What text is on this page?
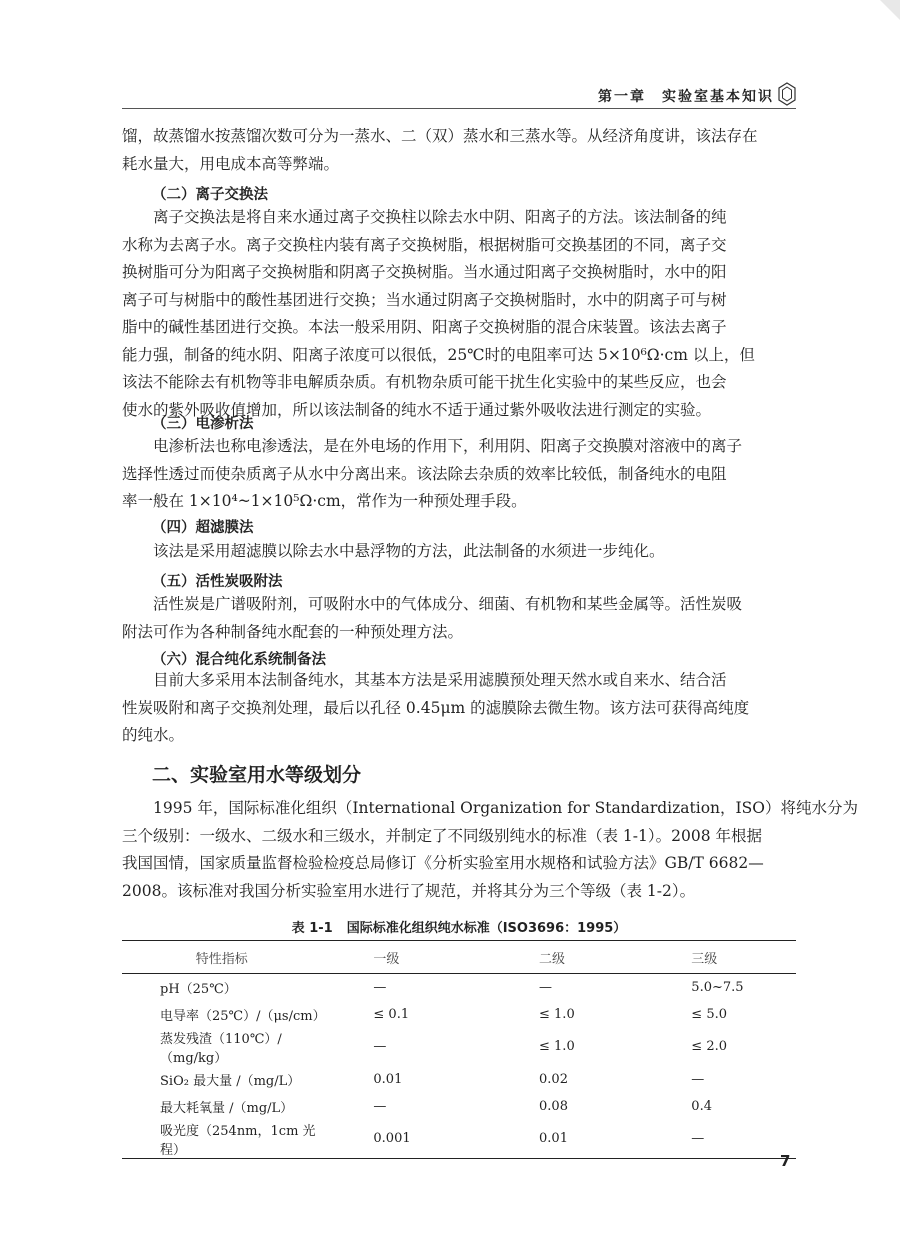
第一章　实验室基本知识
馏，故蒸馏水按蒸馏次数可分为一蒸水、二（双）蒸水和三蒸水等。从经济角度讲，该法存在
耗水量大，用电成本高等弊端。
（二）离子交换法
离子交换法是将自来水通过离子交换柱以除去水中阴、阳离子的方法。该法制备的纯
水称为去离子水。离子交换柱内装有离子交换树脂，根据树脂可交换基团的不同，离子交
换树脂可分为阳离子交换树脂和阴离子交换树脂。当水通过阳离子交换树脂时，水中的阳
离子可与树脂中的酸性基团进行交换；当水通过阴离子交换树脂时，水中的阴离子可与树
脂中的碱性基团进行交换。本法一般采用阴、阳离子交换树脂的混合床装置。该法去离子
能力强，制备的纯水阴、阳离子浓度可以很低，25℃时的电阻率可达 5×10⁶Ω·cm 以上，但
该法不能除去有机物等非电解质杂质。有机物杂质可能干扰生化实验中的某些反应，也会
使水的紫外吸收值增加，所以该法制备的纯水不适于通过紫外吸收法进行测定的实验。
（三）电渗析法
电渗析法也称电渗透法，是在外电场的作用下，利用阴、阳离子交换膜对溶液中的离子
选择性透过而使杂质离子从水中分离出来。该法除去杂质的效率比较低，制备纯水的电阻
率一般在 1×10⁴~1×10⁵Ω·cm，常作为一种预处理手段。
（四）超滤膜法
该法是采用超滤膜以除去水中悬浮物的方法，此法制备的水须进一步纯化。
（五）活性炭吸附法
活性炭是广谱吸附剂，可吸附水中的气体成分、细菌、有机物和某些金属等。活性炭吸
附法可作为各种制备纯水配套的一种预处理方法。
（六）混合纯化系统制备法
目前大多采用本法制备纯水，其基本方法是采用滤膜预处理天然水或自来水、结合活
性炭吸附和离子交换剂处理，最后以孔径 0.45μm 的滤膜除去微生物。该方法可获得高纯度
的纯水。
二、实验室用水等级划分
1995 年，国际标准化组织（International Organization for Standardization，ISO）将纯水分为
三个级别：一级水、二级水和三级水，并制定了不同级别纯水的标准（表 1-1）。2008 年根据
我国国情，国家质量监督检验检疫总局修订《分析实验室用水规格和试验方法》GB/T 6682—
2008。该标准对我国分析实验室用水进行了规范，并将其分为三个等级（表 1-2）。
表 1-1 国际标准化组织纯水标准（ISO3696：1995）
特性指标	一级	二级	三级
pH（25℃）	—	—	5.0~7.5
电导率（25℃）/（μs/cm）	≤ 0.1	≤ 1.0	≤ 5.0
蒸发残渣（110℃）/（mg/kg）	—	≤ 1.0	≤ 2.0
SiO₂ 最大量 /（mg/L）	0.01	0.02	—
最大耗氧量 /（mg/L）	—	0.08	0.4
吸光度（254nm，1cm 光程）	0.001	0.01	—
7
